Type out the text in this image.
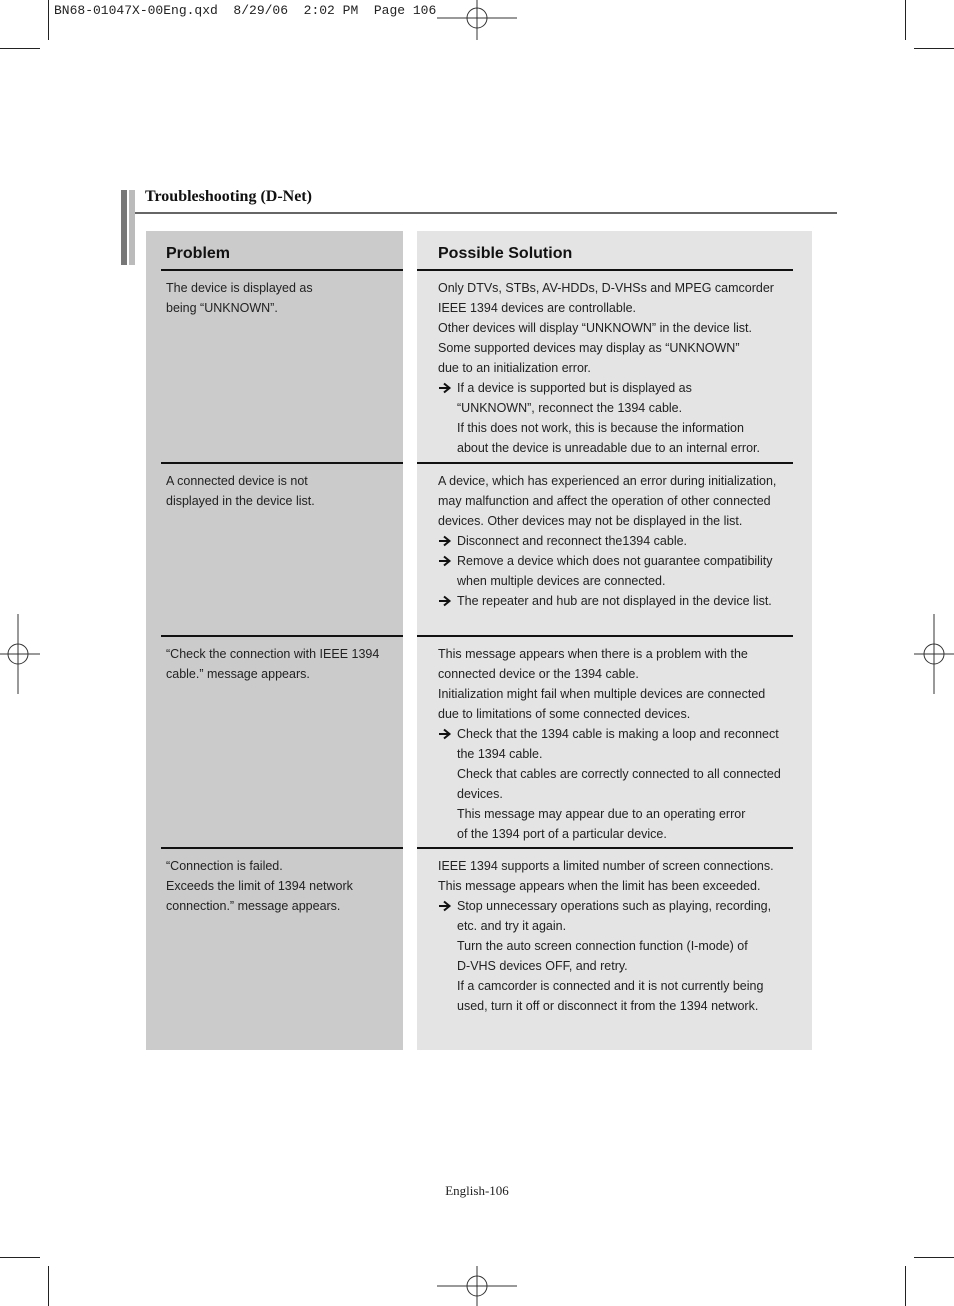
BN68-01047X-00Eng.qxd  8/29/06  2:02 PM  Page 106
Troubleshooting (D-Net)
Problem	Possible Solution
The device is displayed as
being “UNKNOWN”.
Only DTVs, STBs, AV-HDDs, D-VHSs and MPEG camcorder
IEEE 1394 devices are controllable.
Other devices will display “UNKNOWN” in the device list.
Some supported devices may display as “UNKNOWN”
due to an initialization error.
If a device is supported but is displayed as
“UNKNOWN”, reconnect the 1394 cable.
If this does not work, this is because the information
about the device is unreadable due to an internal error.
A connected device is not
displayed in the device list.
A device, which has experienced an error during initialization,
may malfunction and affect the operation of other connected
devices. Other devices may not be displayed in the list.
Disconnect and reconnect the1394 cable.
Remove a device which does not guarantee compatibility
when multiple devices are connected.
The repeater and hub are not displayed in the device list.
“Check the connection with IEEE 1394
cable.” message appears.
This message appears when there is a problem with the
connected device or the 1394 cable.
Initialization might fail when multiple devices are connected
due to limitations of some connected devices.
Check that the 1394 cable is making a loop and reconnect
the 1394 cable.
Check that cables are correctly connected to all connected
devices.
This message may appear due to an operating error
of the 1394 port of a particular device.
“Connection is failed.
Exceeds the limit of 1394 network
connection.” message appears.
IEEE 1394 supports a limited number of screen connections.
This message appears when the limit has been exceeded.
Stop unnecessary operations such as playing, recording,
etc. and try it again.
Turn the auto screen connection function (I-mode) of
D-VHS devices OFF, and retry.
If a camcorder is connected and it is not currently being
used, turn it off or disconnect it from the 1394 network.
English-106
